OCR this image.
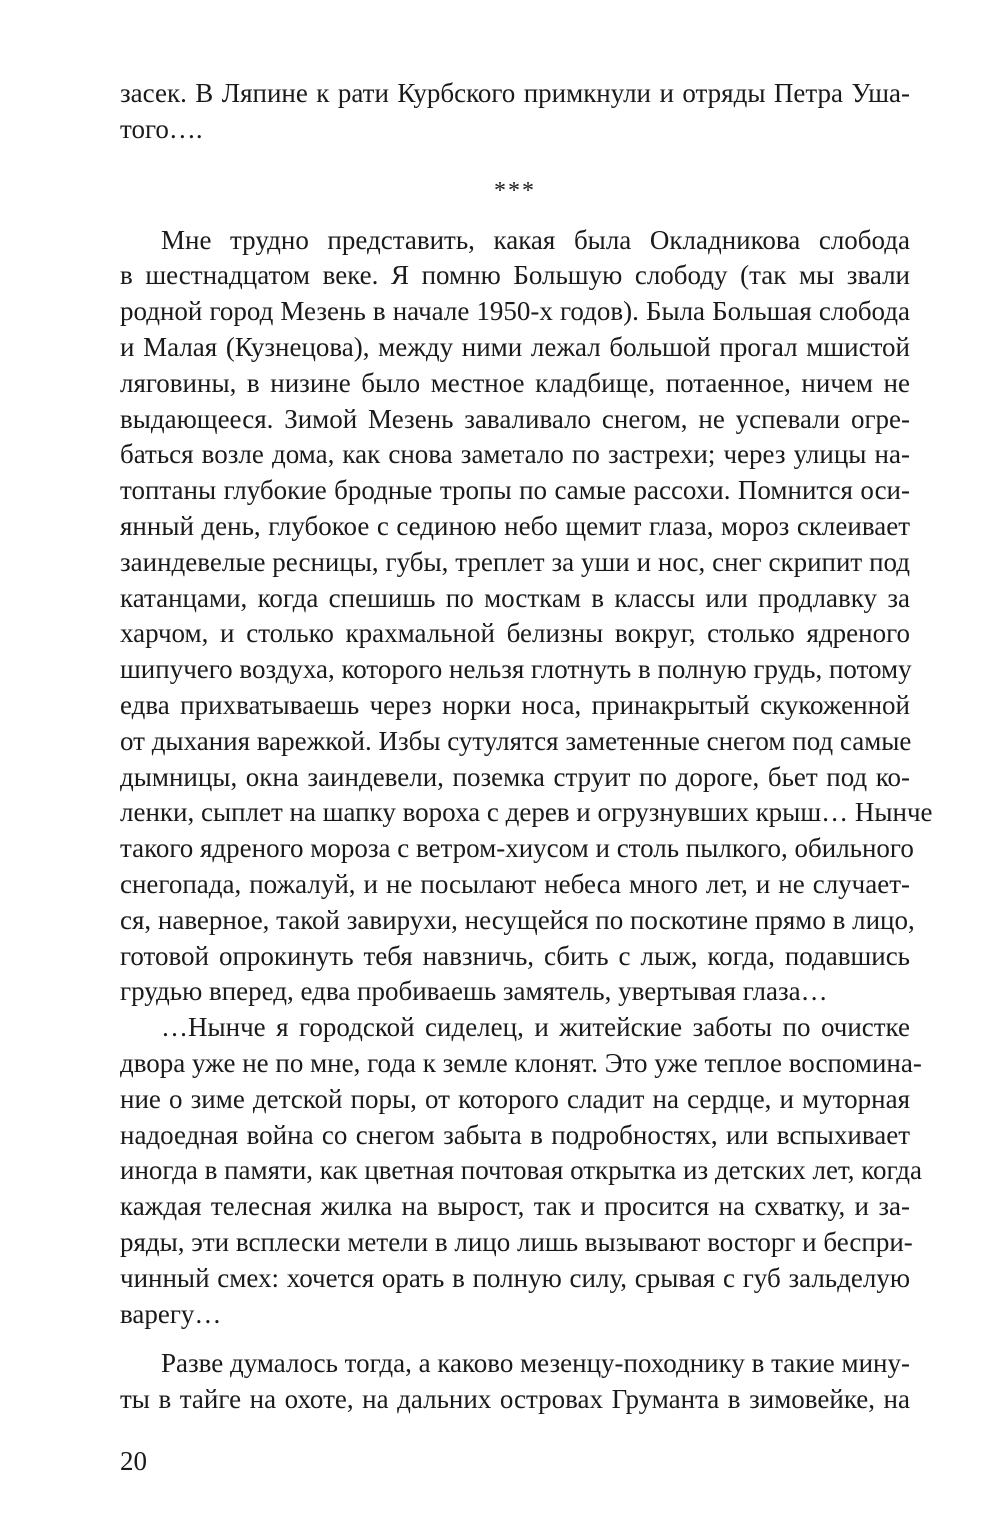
засек. В Ляпине к рати Курбского примкнули и отряды Петра Уша-
того….

***

Мне трудно представить, какая была Окладникова слобода
в шестнадцатом веке. Я помню Большую слободу (так мы звали
родной город Мезень в начале 1950-х годов). Была Большая слобода
и Малая (Кузнецова), между ними лежал большой прогал мшистой
ляговины, в низине было местное кладбище, потаенное, ничем не
выдающееся. Зимой Мезень заваливало снегом, не успевали огре-
баться возле дома, как снова заметало по застрехи; через улицы на-
топтаны глубокие бродные тропы по самые рассохи. Помнится оси-
янный день, глубокое с сединою небо щемит глаза, мороз склеивает
заиндевелые ресницы, губы, треплет за уши и нос, снег скрипит под
катанцами, когда спешишь по мосткам в классы или продлавку за
харчом, и столько крахмальной белизны вокруг, столько ядреного
шипучего воздуха, которого нельзя глотнуть в полную грудь, потому
едва прихватываешь через норки носа, принакрытый скукоженной
от дыхания варежкой. Избы сутулятся заметенные снегом под самые
дымницы, окна заиндевели, поземка струит по дороге, бьет под ко-
ленки, сыплет на шапку вороха с дерев и огрузнувших крыш… Нынче
такого ядреного мороза с ветром-хиусом и столь пылкого, обильного
снегопада, пожалуй, и не посылают небеса много лет, и не случает-
ся, наверное, такой завирухи, несущейся по поскотине прямо в лицо,
готовой опрокинуть тебя навзничь, сбить с лыж, когда, подавшись
грудью вперед, едва пробиваешь замятель, увертывая глаза…

…Нынче я городской сиделец, и житейские заботы по очистке
двора уже не по мне, года к земле клонят. Это уже теплое воспомина-
ние о зиме детской поры, от которого сладит на сердце, и муторная
надоедная война со снегом забыта в подробностях, или вспыхивает
иногда в памяти, как цветная почтовая открытка из детских лет, когда
каждая телесная жилка на вырост, так и просится на схватку, и за-
ряды, эти всплески метели в лицо лишь вызывают восторг и беспри-
чинный смех: хочется орать в полную силу, срывая с губ зальделую
варегу…

Разве думалось тогда, а каково мезенцу-походнику в такие мину-
ты в тайге на охоте, на дальних островах Груманта в зимовейке, на

20
